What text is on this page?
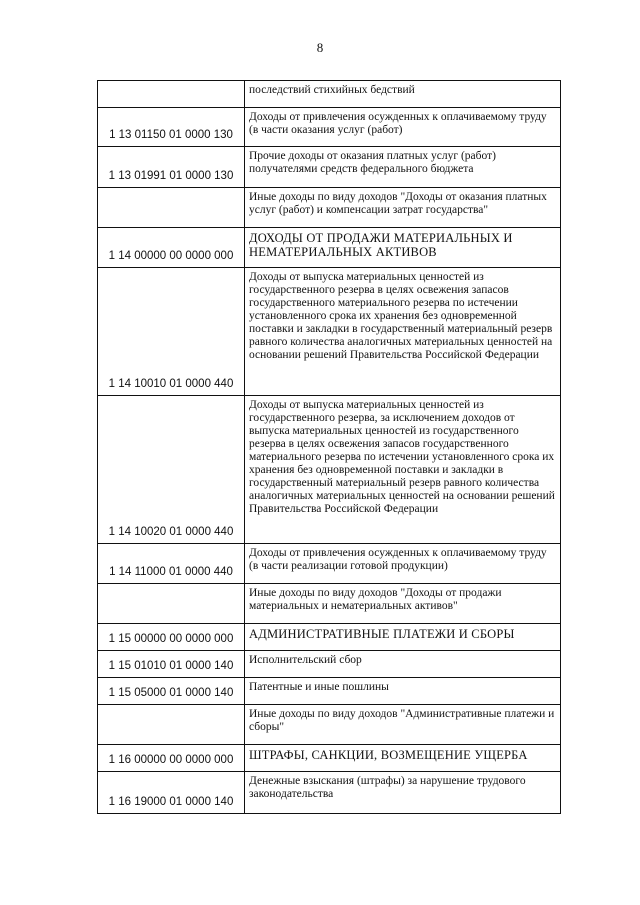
8
	последствий стихийных бедствий
1 13 01150 01 0000 130	Доходы от привлечения осужденных к оплачиваемому труду (в части оказания услуг (работ)
1 13 01991 01 0000 130	Прочие доходы от оказания платных услуг (работ) получателями средств федерального бюджета
	Иные доходы по виду доходов "Доходы от оказания платных услуг (работ) и компенсации затрат государства"
1 14 00000 00 0000 000	ДОХОДЫ ОТ ПРОДАЖИ МАТЕРИАЛЬНЫХ И НЕМАТЕРИАЛЬНЫХ АКТИВОВ
1 14 10010 01 0000 440	Доходы от выпуска материальных ценностей из государственного резерва в целях освежения запасов государственного материального резерва по истечении установленного срока их хранения без одновременной поставки и закладки в государственный материальный резерв равного количества аналогичных материальных ценностей на основании решений Правительства Российской Федерации
1 14 10020 01 0000 440	Доходы от выпуска материальных ценностей из государственного резерва, за исключением доходов от выпуска материальных ценностей из государственного резерва в целях освежения запасов государственного материального резерва по истечении установленного срока их хранения без одновременной поставки и закладки в государственный материальный резерв равного количества аналогичных материальных ценностей на основании решений Правительства Российской Федерации
1 14 11000 01 0000 440	Доходы от привлечения осужденных к оплачиваемому труду (в части реализации готовой продукции)
	Иные доходы по виду доходов "Доходы от продажи материальных и нематериальных активов"
1 15 00000 00 0000 000	АДМИНИСТРАТИВНЫЕ ПЛАТЕЖИ И СБОРЫ
1 15 01010 01 0000 140	Исполнительский сбор
1 15 05000 01 0000 140	Патентные и иные пошлины
	Иные доходы по виду доходов "Административные платежи и сборы"
1 16 00000 00 0000 000	ШТРАФЫ, САНКЦИИ, ВОЗМЕЩЕНИЕ УЩЕРБА
1 16 19000 01 0000 140	Денежные взыскания (штрафы) за нарушение трудового законодательства
